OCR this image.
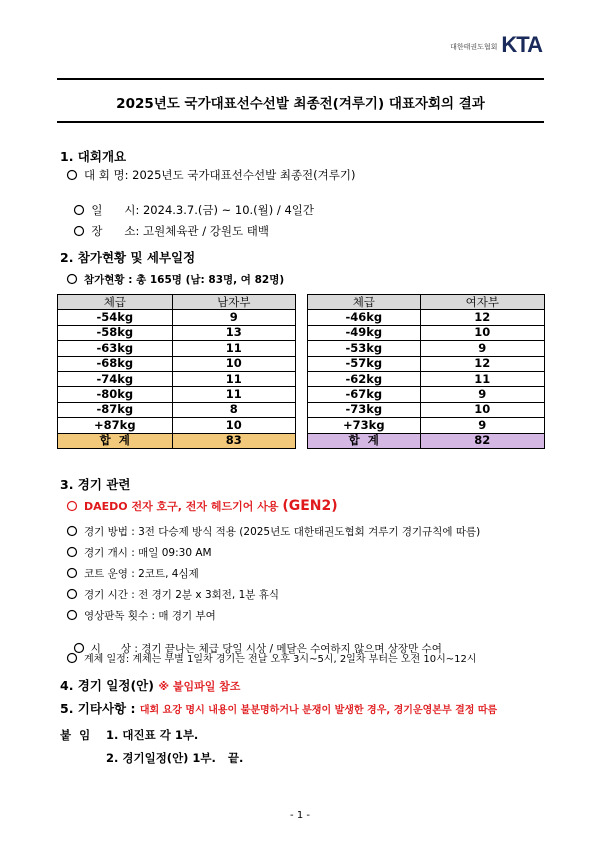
대한태권도협회 KTA
2025년도 국가대표선수선발 최종전(겨루기) 대표자회의 결과
1. 대회개요
대 회 명: 2025년도 국가대표선수선발 최종전(겨루기)

일      시: 2024.3.7.(금) ~ 10.(월) / 4일간

장      소: 고원체육관 / 강원도 태백

2. 참가현황 및 세부일정
참가현황 : 총 165명 (남: 83명, 여 82명)
체급	남자부
-54kg	9
-58kg	13
-63kg	11
-68kg	10
-74kg	11
-80kg	11
-87kg	8
+87kg	10
합  계	83
체급	여자부
-46kg	12
-49kg	10
-53kg	9
-57kg	12
-62kg	11
-67kg	9
-73kg	10
+73kg	9
합  계	82
3. 경기 관련
DAEDO 전자 호구, 전자 헤드기어 사용 (GEN2)
경기 방법 : 3전 다승제 방식 적용 (2025년도 대한태권도협회 겨루기 경기규칙에 따름)
경기 개시 : 매일 09:30 AM
코트 운영 : 2코트, 4심제
경기 시간 : 전 경기 2분 x 3회전, 1분 휴식
영상판독 횟수 : 매 경기 부여

시      상 : 경기 끝나는 체급 당일 시상 / 메달은 수여하지 않으며 상장만 수여

계체 일정: 계체는 부별 1일차 경기는 전날 오후 3시~5시, 2일차 부터는 오전 10시~12시
4. 경기 일정(안) ※ 붙임파일 참조
5. 기타사항 : 대회 요강 명시 내용이 불분명하거나 분쟁이 발생한 경우, 경기운영본부 결정 따름
붙  임 1. 대진표 각 1부.
2. 경기일정(안) 1부.   끝.
- 1 -
